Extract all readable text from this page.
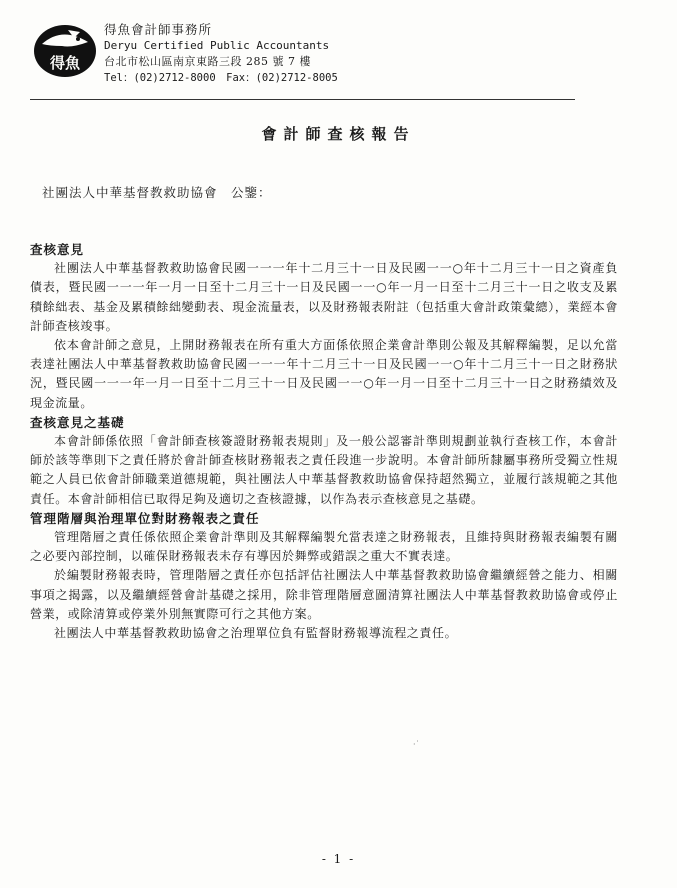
得魚
得魚會計師事務所
Deryu Certified Public Accountants
台北市松山區南京東路三段 285 號 7 樓
Tel：(02)2712-8000　Fax：(02)2712-8005
會計師查核報告
社團法人中華基督教救助協會　公鑒：
查核意見

社團法人中華基督教救助協會民國一一一年十二月三十一日及民國一一○年十二月三十一日之資產負債表，暨民國一一一年一月一日至十二月三十一日及民國一一○年一月一日至十二月三十一日之收支及累積餘絀表、基金及累積餘絀變動表、現金流量表，以及財務報表附註（包括重大會計政策彙總），業經本會計師查核竣事。

依本會計師之意見，上開財務報表在所有重大方面係依照企業會計準則公報及其解釋編製，足以允當表達社團法人中華基督教救助協會民國一一一年十二月三十一日及民國一一○年十二月三十一日之財務狀況，暨民國一一一年一月一日至十二月三十一日及民國一一○年一月一日至十二月三十一日之財務績效及現金流量。

查核意見之基礎

本會計師係依照「會計師查核簽證財務報表規則」及一般公認審計準則規劃並執行查核工作，本會計師於該等準則下之責任將於會計師查核財務報表之責任段進一步說明。本會計師所隸屬事務所受獨立性規範之人員已依會計師職業道德規範，與社團法人中華基督教救助協會保持超然獨立，並履行該規範之其他責任。本會計師相信已取得足夠及適切之查核證據，以作為表示查核意見之基礎。

管理階層與治理單位對財務報表之責任

管理階層之責任係依照企業會計準則及其解釋編製允當表達之財務報表，且維持與財務報表編製有關之必要內部控制，以確保財務報表未存有導因於舞弊或錯誤之重大不實表達。

於編製財務報表時，管理階層之責任亦包括評估社團法人中華基督教救助協會繼續經營之能力、相關事項之揭露，以及繼續經營會計基礎之採用，除非管理階層意圖清算社團法人中華基督教救助協會或停止營業，或除清算或停業外別無實際可行之其他方案。

社團法人中華基督教救助協會之治理單位負有監督財務報導流程之責任。

·˙
- 1 -
